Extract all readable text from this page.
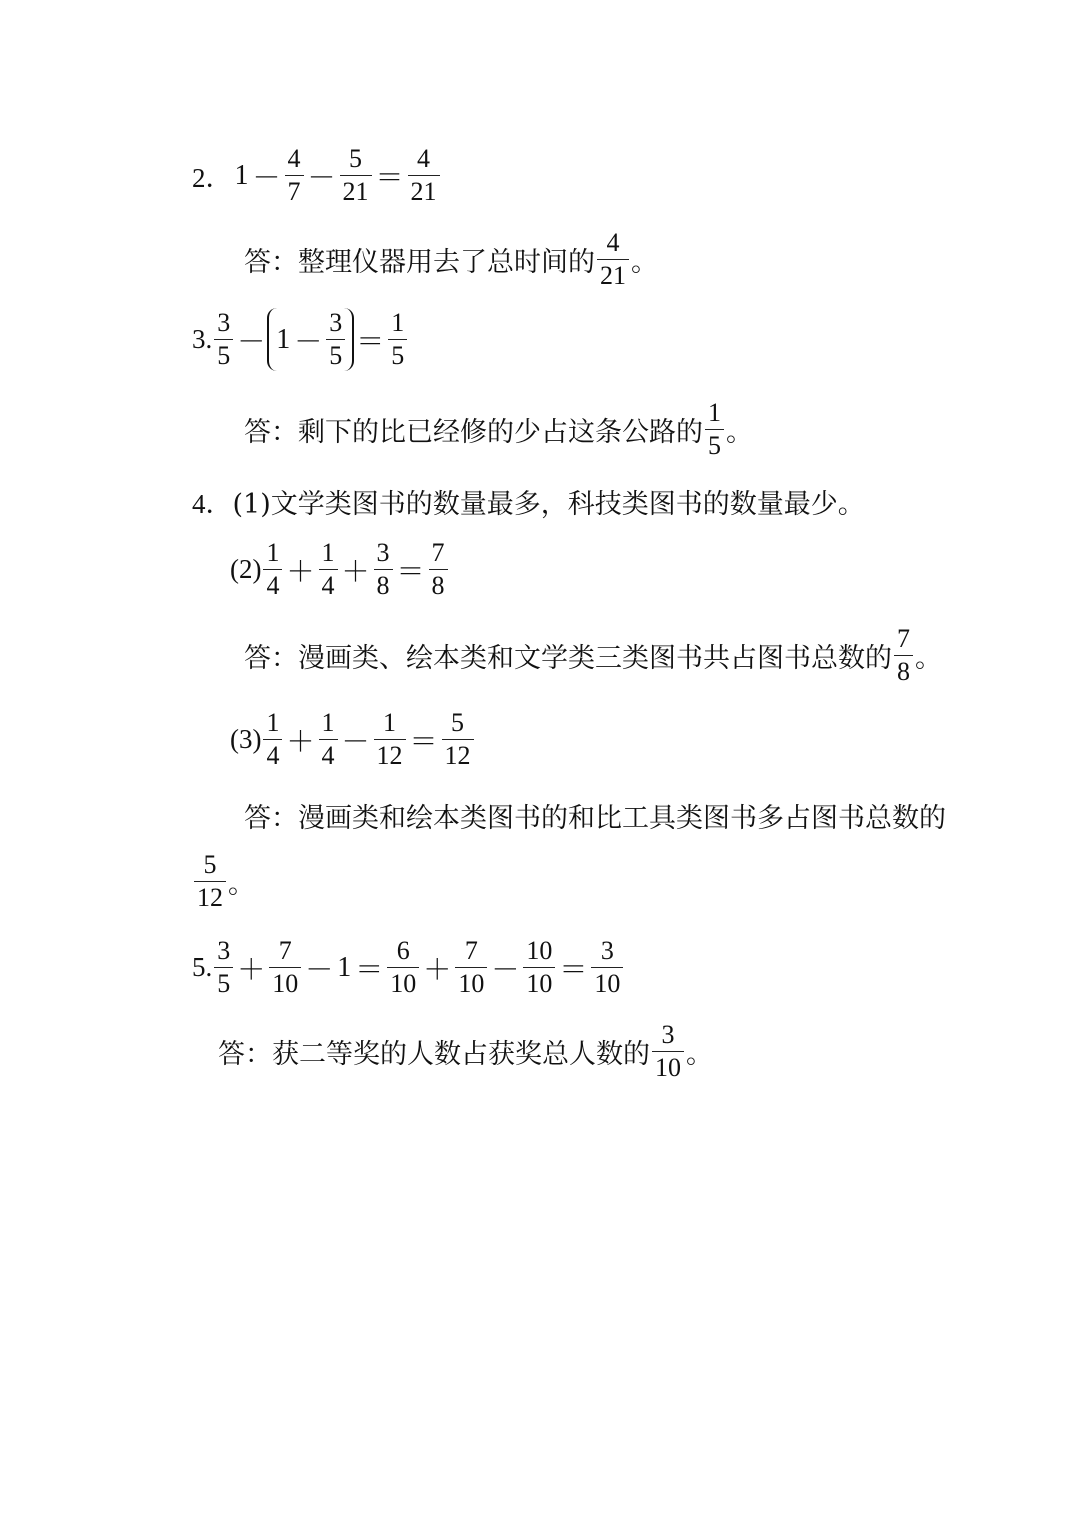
2． $1 - \frac{4}{7} - \frac{5}{21} = \frac{4}{21}$
答：整理仪器用去了总时间的 $\frac{4}{21}$ 。
3. $\frac{3}{5} - 1 - \frac{3}{5} = \frac{1}{5}$
答：剩下的比已经修的少占这条公路的 $\frac{1}{5}$ 。
4． (1)文学类图书的数量最多，科技类图书的数量最少。
$(2) \frac{1}{4} + \frac{1}{4} + \frac{3}{8} = \frac{7}{8}$
答：漫画类、绘本类和文学类三类图书共占图书总数的 $\frac{7}{8}$ 。
$(3) \frac{1}{4} + \frac{1}{4} - \frac{1}{12} = \frac{5}{12}$
答：漫画类和绘本类图书的和比工具类图书多占图书总数的
$\frac{5}{12}$ 。
5. $\frac{3}{5} + \frac{7}{10} - 1 = \frac{6}{10} + \frac{7}{10} - \frac{10}{10} = \frac{3}{10}$
答：获二等奖的人数占获奖总人数的 $\frac{3}{10}$ 。
